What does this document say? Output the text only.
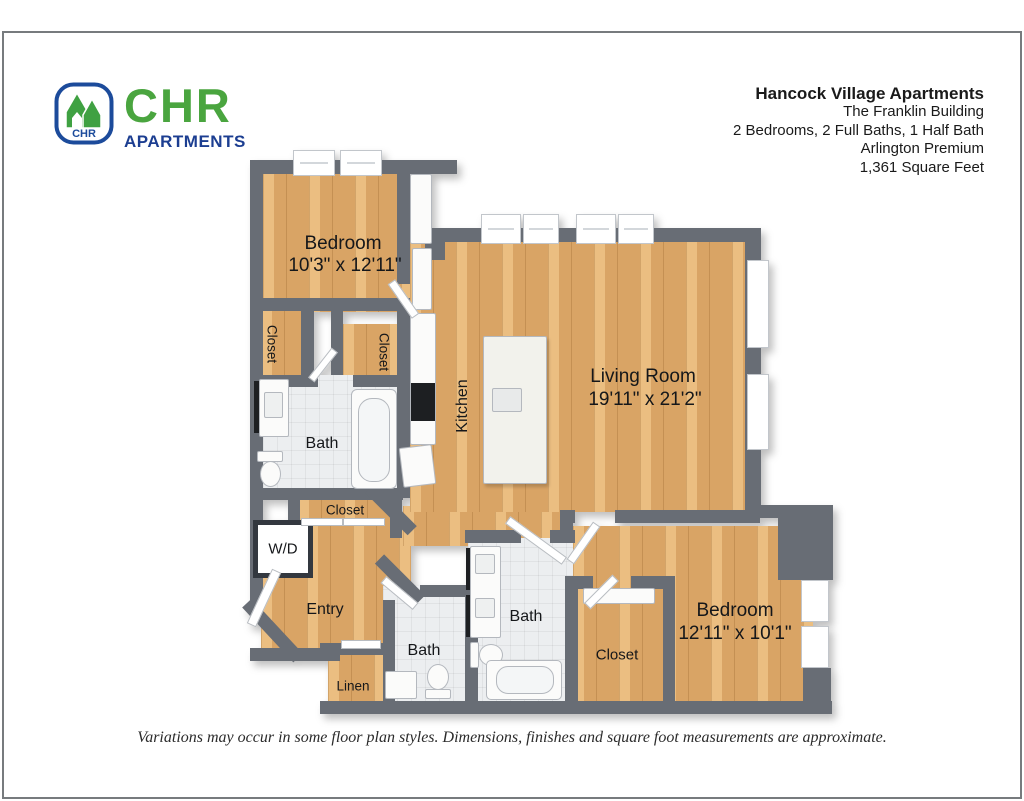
CHR
CHR
APARTMENTS
Hancock Village Apartments
The Franklin Building
2 Bedrooms, 2 Full Baths, 1 Half Bath
Arlington Premium
1,361 Square Feet
Bedroom
10'3" x 12'11"
Closet	Closet
Bath
Closet
W/D
Entry
Linen
Bath
Bath
Closet
Bedroom
12'11" x 10'1"
Kitchen
Living Room
19'11" x 21'2"
Variations may occur in some floor plan styles. Dimensions, finishes and square foot measurements are approximate.
